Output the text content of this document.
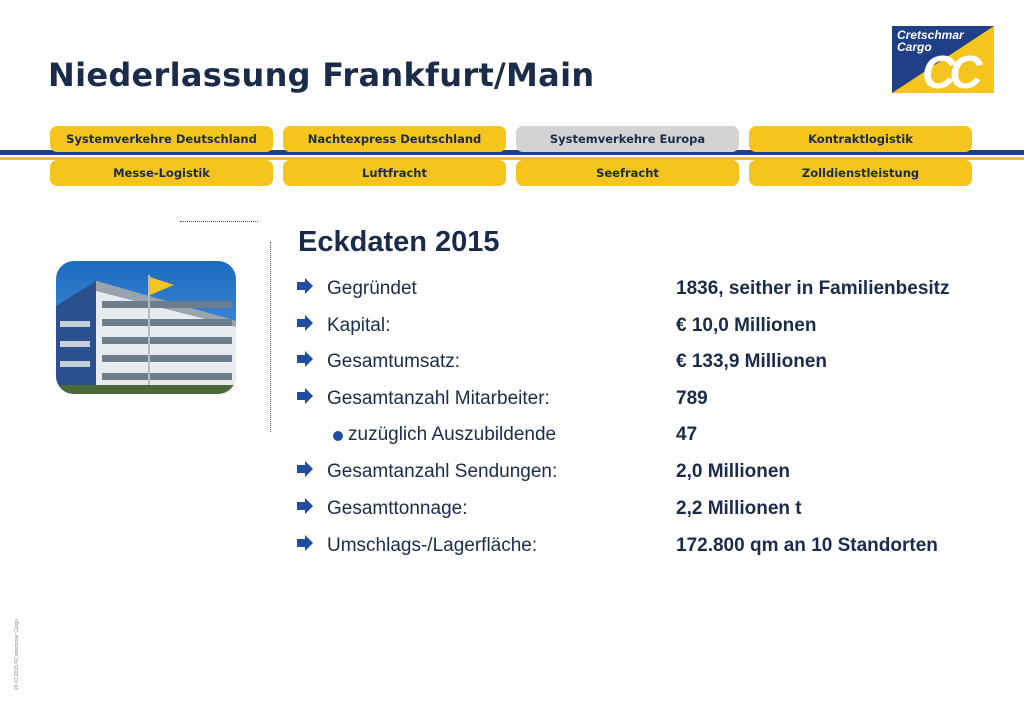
Niederlassung Frankfurt/Main
Cretschmar
Cargo
CC
Systemverkehre Deutschland	Nachtexpress Deutschland	Systemverkehre Europa	Kontraktlogistik
Messe-Logistik	Luftfracht	Seefracht	Zolldienstleistung
Eckdaten 2015
Gegründet	1836, seither in Familienbesitz
Kapital:	€ 10,0 Millionen
Gesamtumsatz:	€ 133,9 Millionen
Gesamtanzahl Mitarbeiter:	789
zuzüglich Auszubildende	47
Gesamtanzahl Sendungen:	2,0 Millionen
Gesamttonnage:	2,2 Millionen t
Umschlags-/Lagerfläche:	172.800 qm an 10 Standorten
24.07.2015 ©Cretschmar Cargo
